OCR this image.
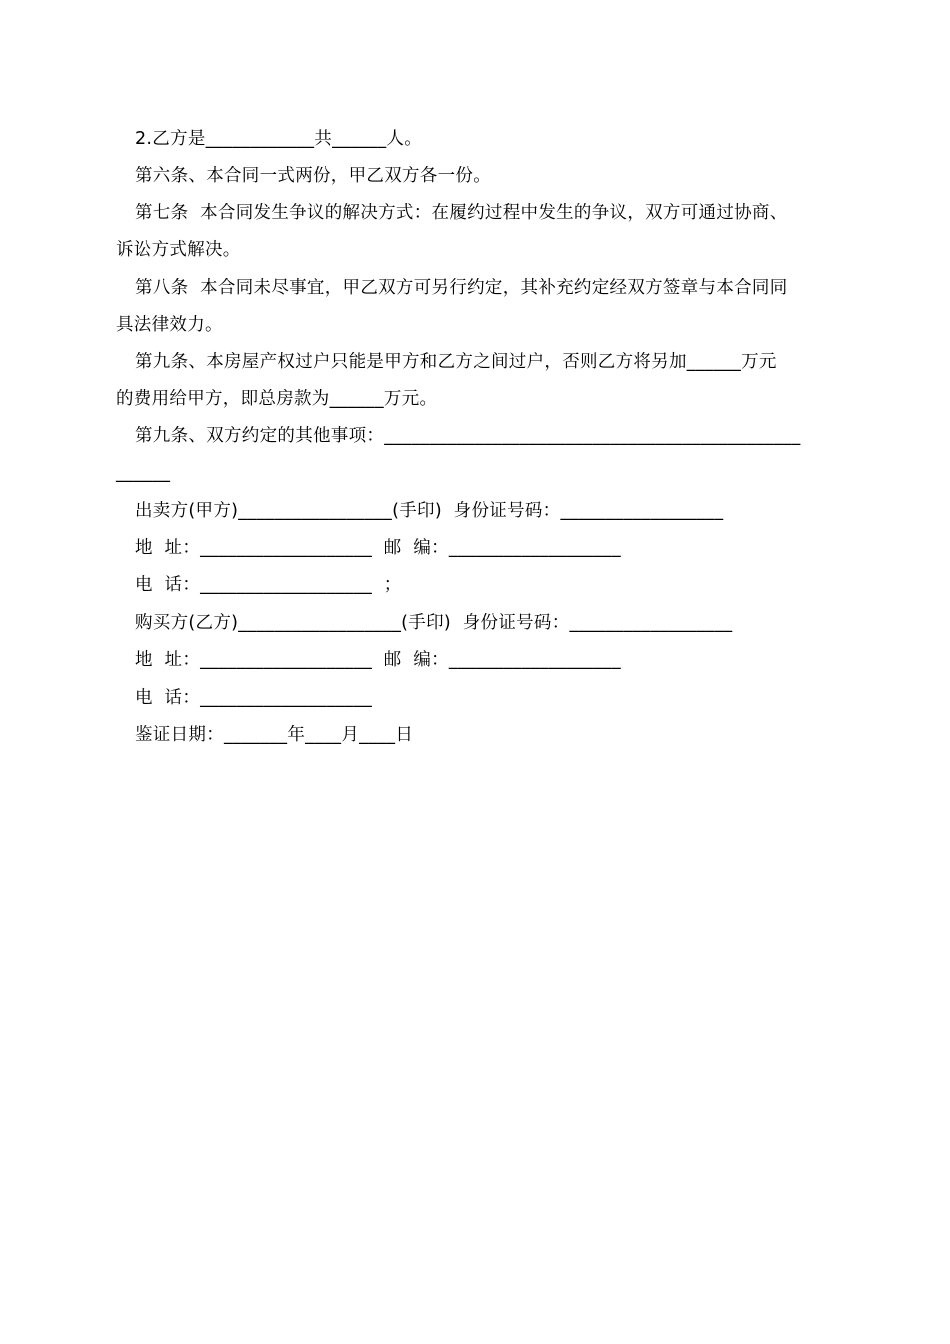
2.乙方是____________共______人。
第六条、本合同一式两份，甲乙双方各一份。
第七条  本合同发生争议的解决方式：在履约过程中发生的争议，双方可通过协商、
诉讼方式解决。
第八条  本合同未尽事宜，甲乙双方可另行约定，其补充约定经双方签章与本合同同
具法律效力。
第九条、本房屋产权过户只能是甲方和乙方之间过户，否则乙方将另加______万元
的费用给甲方，即总房款为______万元。
第九条、双方约定的其他事项：______________________________________________
______
出卖方(甲方)_________________(手印)  身份证号码：__________________
地  址：___________________  邮  编：___________________
电  话：___________________  ；
购买方(乙方)__________________(手印)  身份证号码：__________________
地  址：___________________  邮  编：___________________
电  话：___________________
鉴证日期：_______年____月____日
